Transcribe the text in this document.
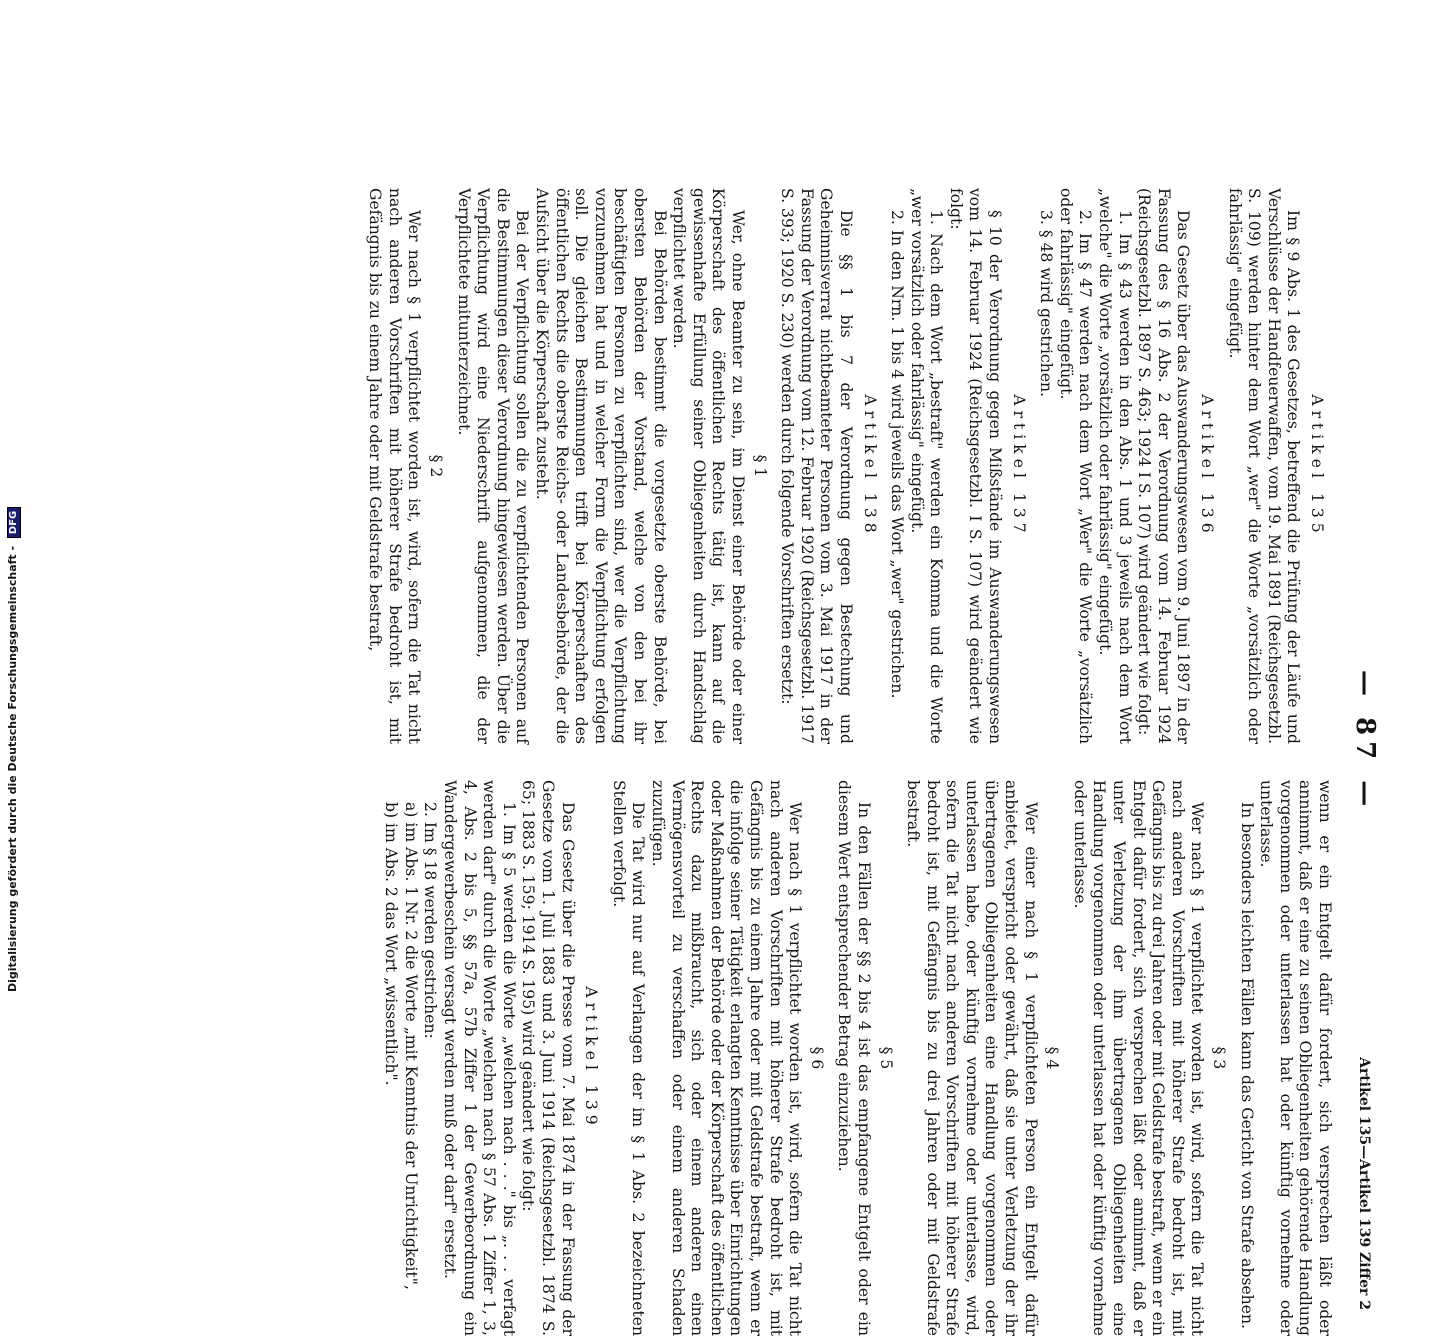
— 87 —
Artikel 135—Artikel 139 Ziffer 2
Artikel 135

Im § 9 Abs. 1 des Gesetzes, betreffend die Prüfung der Läufe und Verschlüsse der Handfeuerwaffen, vom 19. Mai 1891 (Reichsgesetzbl. S. 109) werden hinter dem Wort „wer" die Worte „vorsätzlich oder fahrlässig" eingefügt.

Artikel 136

Das Gesetz über das Auswanderungswesen vom 9. Juni 1897 in der Fassung des § 16 Abs. 2 der Verordnung vom 14. Februar 1924 (Reichsgesetzbl. 1897 S. 463; 1924 I S. 107) wird geändert wie folgt:

1. Im § 43 werden in den Abs. 1 und 3 jeweils nach dem Wort „welche" die Worte „vorsätzlich oder fahrlässig" eingefügt.

2. Im § 47 werden nach dem Wort „Wer" die Worte „vorsätzlich oder fahrlässig" eingefügt.

3. § 48 wird gestrichen.

Artikel 137

§ 10 der Verordnung gegen Mißstände im Auswanderungswesen vom 14. Februar 1924 (Reichsgesetzbl. I S. 107) wird geändert wie folgt:

1. Nach dem Wort „bestraft" werden ein Komma und die Worte „wer vorsätzlich oder fahrlässig" eingefügt.

2. In den Nrn. 1 bis 4 wird jeweils das Wort „wer" gestrichen.

Artikel 138

Die §§ 1 bis 7 der Verordnung gegen Bestechung und Geheimnisverrat nichtbeamteter Personen vom 3. Mai 1917 in der Fassung der Verordnung vom 12. Februar 1920 (Reichsgesetzbl. 1917 S. 393; 1920 S. 230) werden durch folgende Vorschriften ersetzt:

§ 1

Wer, ohne Beamter zu sein, im Dienst einer Behörde oder einer Körperschaft des öffentlichen Rechts tätig ist, kann auf die gewissenhafte Erfüllung seiner Obliegenheiten durch Handschlag verpflichtet werden.

Bei Behörden bestimmt die vorgesetzte oberste Behörde, bei obersten Behörden der Vorstand, welche von den bei ihr beschäftigten Personen zu verpflichten sind, wer die Verpflichtung vorzunehmen hat und in welcher Form die Verpflichtung erfolgen soll. Die gleichen Bestimmungen trifft bei Körperschaften des öffentlichen Rechts die oberste Reichs- oder Landesbehörde, der die Aufsicht über die Körperschaft zusteht.

Bei der Verpflichtung sollen die zu verpflichtenden Personen auf die Bestimmungen dieser Verordnung hingewiesen werden. Über die Verpflichtung wird eine Niederschrift aufgenommen, die der Verpflichtete mitunterzeichnet.

§ 2

Wer nach § 1 verpflichtet worden ist, wird, sofern die Tat nicht nach anderen Vorschriften mit höherer Strafe bedroht ist, mit Gefängnis bis zu einem Jahre oder mit Geldstrafe bestraft,

wenn er ein Entgelt dafür fordert, sich versprechen läßt oder annimmt, daß er eine zu seinen Obliegenheiten gehörende Handlung vorgenommen oder unterlassen hat oder künftig vornehme oder unterlasse.

In besonders leichten Fällen kann das Gericht von Strafe absehen.

§ 3

Wer nach § 1 verpflichtet worden ist, wird, sofern die Tat nicht nach anderen Vorschriften mit höherer Strafe bedroht ist, mit Gefängnis bis zu drei Jahren oder mit Geldstrafe bestraft, wenn er ein Entgelt dafür fordert, sich versprechen läßt oder annimmt, daß er unter Verletzung der ihm übertragenen Obliegenheiten eine Handlung vorgenommen oder unterlassen hat oder künftig vornehme oder unterlasse.

§ 4

Wer einer nach § 1 verpflichteten Person ein Entgelt dafür anbietet, verspricht oder gewährt, daß sie unter Verletzung der ihr übertragenen Obliegenheiten eine Handlung vorgenommen oder unterlassen habe, oder künftig vornehme oder unterlasse, wird, sofern die Tat nicht nach anderen Vorschriften mit höherer Strafe bedroht ist, mit Gefängnis bis zu drei Jahren oder mit Geldstrafe bestraft.

§ 5

In den Fällen der §§ 2 bis 4 ist das empfangene Entgelt oder ein diesem Wert entsprechender Betrag einzuziehen.

§ 6

Wer nach § 1 verpflichtet worden ist, wird, sofern die Tat nicht nach anderen Vorschriften mit höherer Strafe bedroht ist, mit Gefängnis bis zu einem Jahre oder mit Geldstrafe bestraft, wenn er die infolge seiner Tätigkeit erlangten Kenntnisse über Einrichtungen oder Maßnahmen der Behörde oder der Körperschaft des öffentlichen Rechts dazu mißbraucht, sich oder einem anderen einen Vermögensvorteil zu verschaffen oder einem anderen Schaden zuzufügen.

Die Tat wird nur auf Verlangen der im § 1 Abs. 2 bezeichneten Stellen verfolgt.

Artikel 139

Das Gesetz über die Presse vom 7. Mai 1874 in der Fassung der Gesetze vom 1. Juli 1883 und 3. Juni 1914 (Reichsgesetzbl. 1874 S. 65; 1883 S. 159; 1914 S. 195) wird geändert wie folgt:

1. Im § 5 werden die Worte „welchen nach . . ." bis „. . . verfagt werden darf" durch die Worte „welchen nach § 57 Abs. 1 Ziffer 1, 3, 4, Abs. 2 bis 5, §§ 57a, 57b Ziffer 1 der Gewerbeordnung ein Wandergewerbeschein versagt werden muß oder darf" ersetzt.

2. Im § 18 werden gestrichen:

a) im Abs. 1 Nr. 2 die Worte „mit Kenntnis der Unrichtigkeit",

b) im Abs. 2 das Wort „wissentlich".

Digitalisierung gefördert durch die Deutsche Forschungsgemeinschaft - DFG
